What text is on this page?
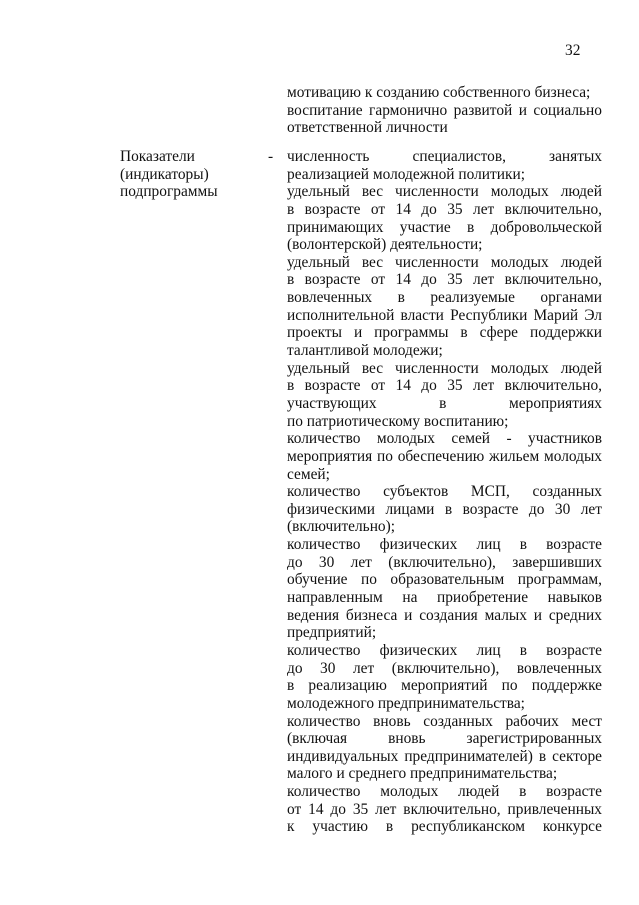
32
мотивацию к созданию собственного бизнеса;
воспитание гармонично развитой и социально
ответственной личности
Показатели
(индикаторы)
подпрограммы
- численность специалистов, занятых
реализацией молодежной политики;
удельный вес численности молодых людей
в возрасте от 14 до 35 лет включительно,
принимающих участие в добровольческой
(волонтерской) деятельности;
удельный вес численности молодых людей
в возрасте от 14 до 35 лет включительно,
вовлеченных в реализуемые органами
исполнительной власти Республики Марий Эл
проекты и программы в сфере поддержки
талантливой молодежи;
удельный вес численности молодых людей
в возрасте от 14 до 35 лет включительно,
участвующих в мероприятиях
по патриотическому воспитанию;
количество молодых семей - участников
мероприятия по обеспечению жильем молодых
семей;
количество субъектов МСП, созданных
физическими лицами в возрасте до 30 лет
(включительно);
количество физических лиц в возрасте
до 30 лет (включительно), завершивших
обучение по образовательным программам,
направленным на приобретение навыков
ведения бизнеса и создания малых и средних
предприятий;
количество физических лиц в возрасте
до 30 лет (включительно), вовлеченных
в реализацию мероприятий по поддержке
молодежного предпринимательства;
количество вновь созданных рабочих мест
(включая вновь зарегистрированных
индивидуальных предпринимателей) в секторе
малого и среднего предпринимательства;
количество молодых людей в возрасте
от 14 до 35 лет включительно, привлеченных
к участию в республиканском конкурсе
